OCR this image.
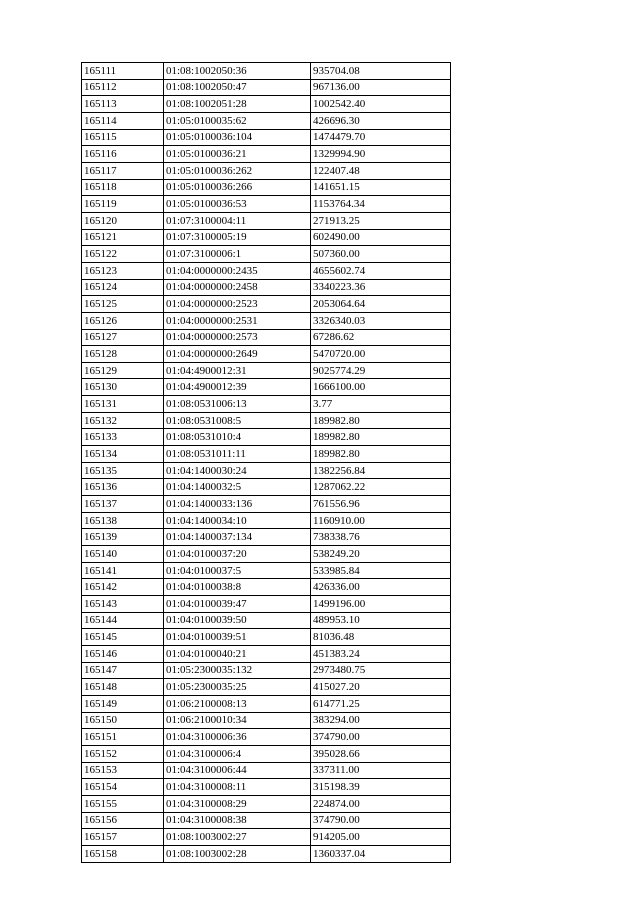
165111	01:08:1002050:36	935704.08
165112	01:08:1002050:47	967136.00
165113	01:08:1002051:28	1002542.40
165114	01:05:0100035:62	426696.30
165115	01:05:0100036:104	1474479.70
165116	01:05:0100036:21	1329994.90
165117	01:05:0100036:262	122407.48
165118	01:05:0100036:266	141651.15
165119	01:05:0100036:53	1153764.34
165120	01:07:3100004:11	271913.25
165121	01:07:3100005:19	602490.00
165122	01:07:3100006:1	507360.00
165123	01:04:0000000:2435	4655602.74
165124	01:04:0000000:2458	3340223.36
165125	01:04:0000000:2523	2053064.64
165126	01:04:0000000:2531	3326340.03
165127	01:04:0000000:2573	67286.62
165128	01:04:0000000:2649	5470720.00
165129	01:04:4900012:31	9025774.29
165130	01:04:4900012:39	1666100.00
165131	01:08:0531006:13	3.77
165132	01:08:0531008:5	189982.80
165133	01:08:0531010:4	189982.80
165134	01:08:0531011:11	189982.80
165135	01:04:1400030:24	1382256.84
165136	01:04:1400032:5	1287062.22
165137	01:04:1400033:136	761556.96
165138	01:04:1400034:10	1160910.00
165139	01:04:1400037:134	738338.76
165140	01:04:0100037:20	538249.20
165141	01:04:0100037:5	533985.84
165142	01:04:0100038:8	426336.00
165143	01:04:0100039:47	1499196.00
165144	01:04:0100039:50	489953.10
165145	01:04:0100039:51	81036.48
165146	01:04:0100040:21	451383.24
165147	01:05:2300035:132	2973480.75
165148	01:05:2300035:25	415027.20
165149	01:06:2100008:13	614771.25
165150	01:06:2100010:34	383294.00
165151	01:04:3100006:36	374790.00
165152	01:04:3100006:4	395028.66
165153	01:04:3100006:44	337311.00
165154	01:04:3100008:11	315198.39
165155	01:04:3100008:29	224874.00
165156	01:04:3100008:38	374790.00
165157	01:08:1003002:27	914205.00
165158	01:08:1003002:28	1360337.04
